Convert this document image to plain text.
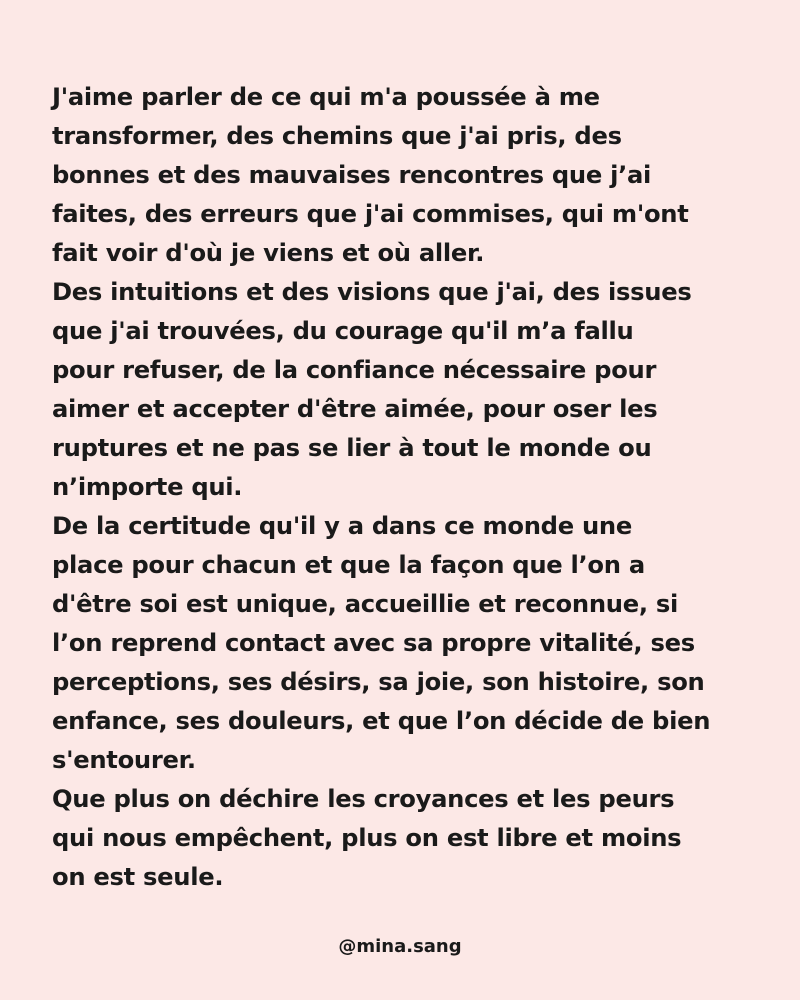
J'aime parler de ce qui m'a poussée à me
transformer, des chemins que j'ai pris, des
bonnes et des mauvaises rencontres que j’ai
faites, des erreurs que j'ai commises, qui m'ont
fait voir d'où je viens et où aller.
Des intuitions et des visions que j'ai, des issues
que j'ai trouvées, du courage qu'il m’a fallu
pour refuser, de la confiance nécessaire pour
aimer et accepter d'être aimée, pour oser les
ruptures et ne pas se lier à tout le monde ou
n’importe qui.
De la certitude qu'il y a dans ce monde une
place pour chacun et que la façon que l’on a
d'être soi est unique, accueillie et reconnue, si
l’on reprend contact avec sa propre vitalité, ses
perceptions, ses désirs, sa joie, son histoire, son
enfance, ses douleurs, et que l’on décide de bien
s'entourer.
Que plus on déchire les croyances et les peurs
qui nous empêchent, plus on est libre et moins
on est seule.
@mina.sang
